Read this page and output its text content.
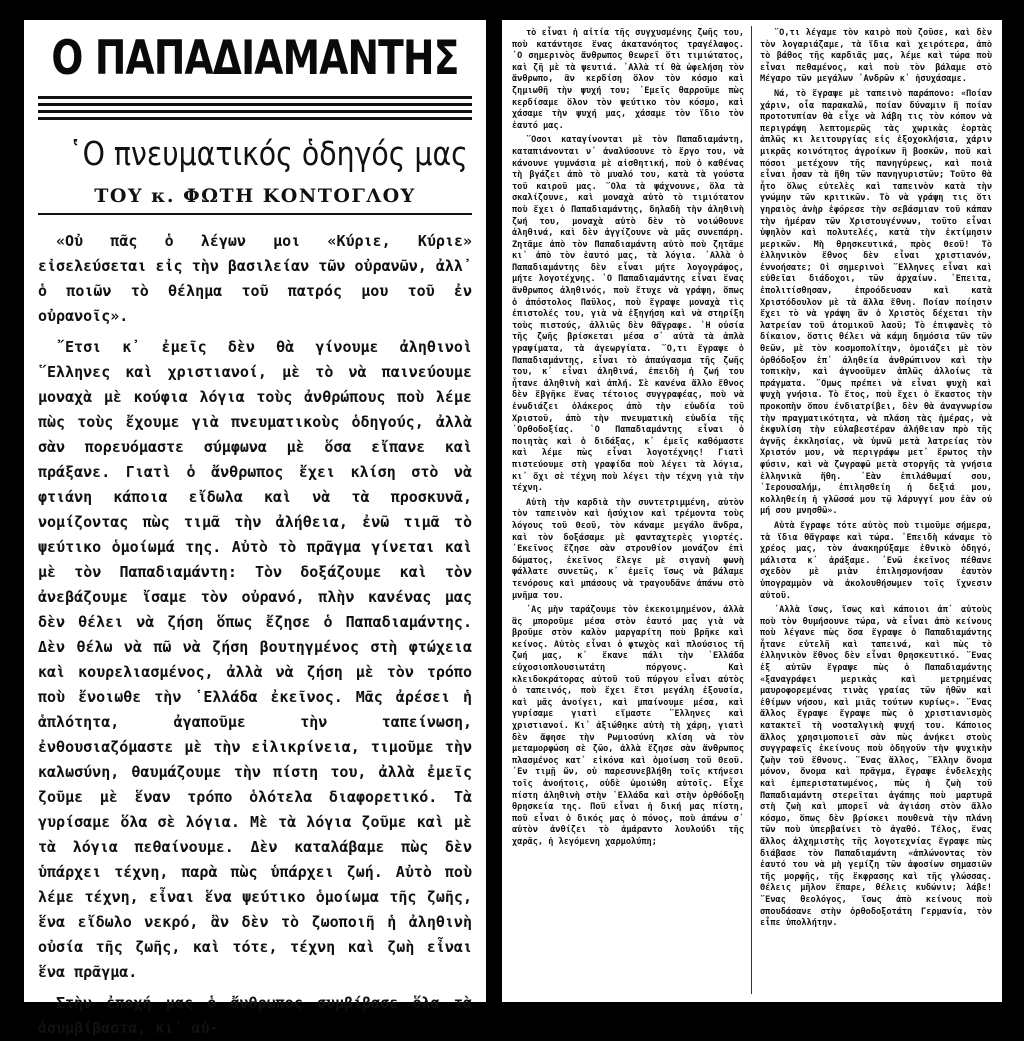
Ο ΠΑΠΑΔΙΑΜΑΝΤΗΣ
῾Ο πνευματικός ὁδηγός μας
ΤΟΥ κ. ΦΩΤΗ ΚΟΝΤΟΓΛΟΥ

«Οὐ πᾶς ὁ λέγων μοι «Κύριε, Κύριε» εἰσελεύσεται εἰς τὴν βασιλείαν τῶν οὐρανῶν, ἀλλ᾽ ὁ ποιῶν τὸ θέλημα τοῦ πατρός μου τοῦ ἐν οὐρανοῖς».

῎Ετσι κ᾽ ἐμεῖς δὲν θὰ γίνουμε ἀληθινοὶ ῞Ελληνες καὶ χριστιανοί, μὲ τὸ νὰ παινεύουμε μοναχὰ μὲ κούφια λόγια τοὺς ἀνθρώπους ποὺ λέμε πὼς τοὺς ἔχουμε γιὰ πνευματικοὺς ὁδηγούς, ἀλλὰ σὰν πορευόμαστε σύμφωνα μὲ ὅσα εἴπανε καὶ πράξανε. Γιατὶ ὁ ἄνθρωπος ἔχει κλίση στὸ νὰ φτιάνη κάποια εἴδωλα καὶ νὰ τὰ προσκυνᾶ, νομίζοντας πὼς τιμᾶ τὴν ἀλήθεια, ἐνῶ τιμᾶ τὸ ψεύτικο ὁμοίωμά της. Αὐτὸ τὸ πρᾶγμα γίνεται καὶ μὲ τὸν Παπαδιαμάντη: Τὸν δοξάζουμε καὶ τὸν ἀνεβάζουμε ἴσαμε τὸν οὐρανό, πλὴν κανένας μας δὲν θέλει νὰ ζήση ὅπως ἔζησε ὁ Παπαδιαμάντης. Δὲν θέλω νὰ πῶ νὰ ζήση βουτηγμένος στὴ φτώχεια καὶ κουρελιασμένος, ἀλλὰ νὰ ζήση μὲ τὸν τρόπο ποὺ ἔνοιωθε τὴν ῾Ελλάδα ἐκεῖνος. Μᾶς ἀρέσει ἡ ἁπλότητα, ἀγαποῦμε τὴν ταπείνωση, ἐνθουσιαζόμαστε μὲ τὴν εἰλικρίνεια, τιμοῦμε τὴν καλωσύνη, θαυμάζουμε τὴν πίστη του, ἀλλὰ ἐμεῖς ζοῦμε μὲ ἕναν τρόπο ὁλότελα διαφορετικό. Τὰ γυρίσαμε ὅλα σὲ λόγια. Μὲ τὰ λόγια ζοῦμε καὶ μὲ τὰ λόγια πεθαίνουμε. Δὲν καταλάβαμε πὼς δὲν ὑπάρχει τέχνη, παρὰ πὼς ὑπάρχει ζωή. Αὐτὸ ποὺ λέμε τέχνη, εἶναι ἕνα ψεύτικο ὁμοίωμα τῆς ζωῆς, ἕνα εἴδωλο νεκρό, ἂν δὲν τὸ ζωοποιῆ ἡ ἀληθινὴ οὐσία τῆς ζωῆς, καὶ τότε, τέχνη καὶ ζωὴ εἶναι ἕνα πρᾶγμα.

Στὴν ἐποχή μας ὁ ἄνθρωπος συμβίβασε ὅλα τὰ ἀσυμβίβαστα, κι᾽ αὐ-

τὸ εἶναι ἡ αἰτία τῆς συγχυσμένης ζωῆς του, ποὺ κατάντησε ἕνας ἀκατανόητος τραγέλαφος. ῾Ο σημερινὸς ἄνθρωπος θεωρεῖ ὅτι τιμιώτατος, καὶ ζῆ μὲ τὰ ψευτιά. ᾽Αλλὰ τί θὰ ὠφελήση τὸν ἄνθρωπο, ἂν κερδίση ὅλον τὸν κόσμο καὶ ζημιωθῆ τὴν ψυχή του; ᾽Εμεῖς θαρροῦμε πὼς κερδίσαμε ὅλον τὸν ψεύτικο τὸν κόσμο, καὶ χάσαμε τὴν ψυχή μας, χάσαμε τὸν ἴδιο τὸν ἑαυτό μας.

῞Οσοι καταγίνονται μὲ τὸν Παπαδιαμάντη, καταπιάνονται ν᾽ ἀναλύσουνε τὸ ἔργο του, νὰ κάνουνε γυμνάσια μὲ αἰσθητική, ποὺ ὁ καθένας τὴ βγάζει ἀπὸ τὸ μυαλό του, κατὰ τὰ γούστα τοῦ καιροῦ μας. ῞Ολα τὰ ψάχνουνε, ὅλα τὰ σκαλίζουνε, καὶ μοναχὰ αὐτὸ τὸ τιμιότατον ποὺ ἔχει ὁ Παπαδιαμάντης, δηλαδὴ τὴν ἀληθινὴ ζωή του, μοναχὰ αὐτὸ δὲν τὸ νοιώθουνε ἀληθινά, καὶ δὲν ἀγγίζουνε νὰ μᾶς συνεπάρη. Ζητᾶμε ἀπὸ τὸν Παπαδιαμάντη αὐτὸ ποὺ ζητᾶμε κι᾽ ἀπὸ τὸν ἑαυτό μας, τὰ λόγια. ᾽Αλλὰ ὁ Παπαδιαμάντης δὲν εἶναι μήτε λογογράφος, μήτε λογοτέχνης. ῾Ο Παπαδιαμάντης εἶναι ἕνας ἄνθρωπος ἀληθινός, ποὺ ἔτυχε νὰ γράψη, ὅπως ὁ ἀπόστολος Παῦλος, ποὺ ἔγραψε μοναχὰ τὶς ἐπιστολές του, γιὰ νὰ ἐξηγήση καὶ νὰ στηρίξη τοὺς πιστούς, ἀλλιῶς δὲν θἄγραφε. ῾Η οὐσία τῆς ζωῆς βρίσκεται μέσα σ᾽ αὐτὰ τὰ ἁπλὰ γραψίματα, τὰ ἀγεωργίατα. ῞Ο,τι ἔγραψε ὁ Παπαδιαμάντης, εἶναι τὸ ἀπαύγασμα τῆς ζωῆς του, κ᾽ εἶναι ἀληθινά, ἐπειδὴ ἡ ζωή του ἦτανε ἀληθινὴ καὶ ἁπλή. Σὲ κανένα ἄλλο ἔθνος δὲν ἔβγῆκε ἕνας τέτοιος συγγραφέας, ποὺ νὰ ἐνωδιάζει ὁλάκερος ἀπὸ τὴν εὐωδία τοῦ Χριστοῦ, ἀπὸ τὴν πνευματικὴ εὐωδία τῆς ᾽Ορθοδοξίας. ῾Ο Παπαδιαμάντης εἶναι ὁ ποιητὰς καὶ ὁ διδάξας, κ᾽ ἐμεῖς καθόμαστε καὶ λέμε πὼς εἶναι λογοτέχνης! Γιατὶ πιστεύουμε στὴ γραφίδα ποὺ λέγει τὰ λόγια, κι᾽ ὄχι σὲ τέχνη ποὺ λέγει τὴν τέχνη γιὰ τὴν τέχνη.

Αὐτὴ τὴν καρδιὰ τὴν συντετριμμένη, αὐτὸν τὸν ταπεινὸν καὶ ἡσύχιον καὶ τρέμοντα τοὺς λόγους τοῦ Θεοῦ, τὸν κάναμε μεγάλο ἄνδρα, καὶ τὸν δοξάσαμε μὲ φανταχτερὲς γιορτές. ᾽Εκεῖνος ἔζησε σὰν στρουθίον μονάζον ἐπὶ δώματος, ἐκεῖνος ἔλεγε μὲ σιγανὴ φωνὴ ψάλλατε συνετῶς, κ᾽ ἐμεῖς ἴσως νὰ βάλαμε τενόρους καὶ μπάσους νὰ τραγουδᾶνε ἀπάνω στὸ μνῆμα του.

᾽Ας μὴν ταράζουμε τὸν ἐκεκοιμημένον, ἀλλὰ ἂς μποροῦμε μέσα στὸν ἑαυτό μας γιὰ νὰ βροῦμε στὸν καλὸν μαργαρίτη ποὺ βρῆκε καὶ κείνος. Αὐτὸς εἶναι ὁ φτωχὸς καὶ πλούσιος τῆ ζωή μας, κ᾽ ἔκανε πάλι τὴν ῾Ελλάδα εὐχοσιοπλουσιωτάτη πόργους. Καὶ κλειδοκράτορας αὐτοῦ τοῦ πύργου εἶναι αὐτὸς ὁ ταπεινός, ποὺ ἔχει ἔτσι μεγάλη ἐξουσία, καὶ μᾶς ἀνοίγει, καὶ μπαίνουμε μέσα, καὶ γυρίσαμε γιατὶ εἴμαστε ῞Ελληνες καὶ χριστιανοί. Κι᾽ ἀξιώθηκε αὐτὴ τὴ χάρη, γιατὶ δὲν ἄφησε τὴν Ρωμιοσύνη κλίση νὰ τὸν μεταμορφώση σὲ ζῶο, ἀλλὰ ἔζησε σὰν ἄνθρωπος πλασμένος κατ᾽ εἰκόνα καὶ ὁμοίωση τοῦ Θεοῦ. ᾽Εν τιμῇ ὤν, οὐ παρεσυνεβλήθη τοῖς κτήνεσι τοῖς ἀνοήτοις, οὐδὲ ὡμοιώθη αὐτοῖς. Εἶχε πίστη ἀληθινὴ στὴν ῾Ελλάδα καὶ στὴν ὀρθόδοξη θρησκεία της. Ποῦ εἶναι ἡ δική μας πίστη, ποῦ εἶναι ὁ δικός μας ὁ πόνος, ποὺ ἀπάνω σ᾽ αὐτὸν ἀνθίζει τὸ ἀμάραντο λουλούδι τῆς χαρᾶς, ἡ λεγόμενη χαρμολύπη;

῞Ο,τι λέγαμε τὸν καιρὸ ποὺ ζοῦσε, καὶ δὲν τὸν λογαριάζαμε, τὰ ἴδια καὶ χειρότερα, ἀπὸ τὸ βάθος τῆς καρδιᾶς μας, λέμε καὶ τώρα ποὺ εἶναι πεθαμένος, καὶ ποὺ τὸν βάλαμε στὸ Μέγαρο τῶν μεγάλων ᾽Ανδρῶν κ᾽ ἡσυχάσαμε.

Νά, τὸ ἔγραψε μὲ ταπεινὸ παράπονο: «Ποίαν χάριν, οἷα παρακαλῶ, ποίαν δύναμιν ἢ ποίαν προτοτυπίαν θὰ εἶχε νὰ λάβη τις τὸν κόπον νὰ περιγράψη λεπτομερῶς τὰς χωρικὰς ἑορτὰς ἁπλῶς κι λειτουργίας εἰς ἐξοχοκλήσια, χάριν μικρᾶς κοινότητος ἀγροίκων ἢ βοσκῶν, ποῦ καὶ πόσοι μετέχουν τῆς πανηγύρεως, καὶ ποιὰ εἶναι ἦσαν τὰ ἤθη τῶν πανηγυριστῶν; Τοῦτο θὰ ἦτο ὅλως εὐτελὲς καὶ ταπεινὸν κατὰ τὴν γνώμην τῶν κριτικῶν. Τὸ νὰ γράψη τις ὅτι γηραιὸς ἀνὴρ ἐφόρεσε τὴν σεβάσμιαν τοῦ κάπαν τὴν ἡμέραν τῶν Χριστουγέννων, τοῦτο εἶναι ὑψηλὸν καὶ πολυτελές, κατὰ τὴν ἐκτίμησιν μερικῶν. Μὴ θρησκευτικά, πρὸς Θεοῦ! Τὸ ἑλληνικὸν ἔθνος δὲν εἶναι χριστιανόν, ἐννοήσατε; Οἱ σημερινοὶ ῞Ελληνες εἶναι καὶ εὐθεῖαι διάδοχοι, τῶν ἀρχαίων. ᾽Επειτα, ἐπολιτίσθησαν, ἐπροόδευσαν καὶ κατὰ Χριστόδουλον μὲ τὰ ἄλλα ἔθνη. Ποίαν ποίησιν ἔχει τὸ νὰ γράψη ἂν ὁ Χριστὸς δέχεται τὴν λατρείαν τοῦ ἀτομικοῦ λαοῦ; Τὸ ἐπιφανὲς τὸ δίκαιον, ὅστις θέλει νὰ κάμη δημόσια τῶν τῶν θεῶν, μὲ τὸν κοσμοπολίτην, ὁμοιάζει μὲ τὸν ὀρθόδοξον ἐπ᾽ ἀληθεία ἀνθρώπινον καὶ τὴν τοπικὴν, καὶ ἀγνοοῦμεν ἁπλῶς ἀλλοίως τὰ πράγματα. ῞Ομως πρέπει νὰ εἶναι ψυχὴ καὶ ψυχὴ γνήσια. Τὸ ἔτος, ποὺ ἔχει ὁ ἕκαστος τὴν προκοπὴν ὅπου ἐνδιατρίβει, δὲν θὰ ἀναγνωρίσω τὴν πραγματικότητα, νὰ πλάση τὰς ἡμέρας, νὰ ἐκφυλίση τὴν εὐλαβεστέραν ἀλήθειαν πρὸ τῆς ἁγνῆς ἐκκλησίας, νὰ ὑμνῶ μετὰ λατρείας τὸν Χριστόν μου, νὰ περιγράφω μετ᾽ ἔρωτος τὴν φύσιν, καὶ νὰ ζωγραφῶ μετὰ στοργῆς τὰ γνήσια ἑλληνικὰ ἤθη. ᾽Εὰν ἐπιλάθωμαί σου, ῾Ιερουσαλήμ, ἐπιλησθείη ἡ δεξιά μου, κολληθείη ἡ γλῶσσά μου τῷ λάρυγγί μου ἐὰν οὐ μή σου μνησθῶ».

Αὐτὰ ἔγραφε τότε αὐτὸς ποὺ τιμοῦμε σήμερα, τὰ ἴδια θἄγραφε καὶ τώρα. ᾽Επειδὴ κάναμε τὸ χρέος μας, τὸν ἀνακηρύξαμε ἐθνικὸ ὁδηγό, μάλιστα κ᾽ ἀράξαμε. ᾽Ενῶ ἐκεῖνος πέθανε σχεδὸν μὲ μιὰν ἐπιλησμονήσαν ἑαυτὸν ὑπογραμμὸν νὰ ἀκολουθήσωμεν τοῖς ἴχνεσιν αὐτοῦ.

᾽Αλλὰ ἴσως, ἴσως καὶ κάποιοι ἀπ᾽ αὐτοὺς ποὺ τὸν θυμήσουνε τώρα, νὰ εἶναι ἀπὸ κείνους ποὺ λέγανε πὼς ὅσα ἔγραψε ὁ Παπαδιαμάντης ἦτανε εὐτελῆ καὶ ταπεινά, καὶ πὼς τὸ ἑλληνικὸν ἔθνος δὲν εἶναι θρησκευτικό. ῞Ενας ἐξ αὐτῶν ἔγραψε πὼς ὁ Παπαδιαμάντης «ξαναγράφει μερικὰς καὶ μετρημένας μαυροφορεμένας τινὰς γραίας τῶν ἠθῶν καὶ ἐθίμων νήσου, καὶ μιᾶς τούτων κυρίως». ῞Ενας ἄλλος ἔγραψε ἔγραψε πὼς ὁ χριστιανισμὸς κατακτεῖ τὴ νοσταλγικὴ ψυχή του. Κάποιος ἄλλος χρησιμοποιεῖ σὰν πὼς ἀνήκει στοὺς συγγραφεῖς ἐκείνους ποὺ ὁδηγοῦν τὴν ψυχικὴν ζωὴν τοῦ ἔθνους. ῞Ενας ἄλλος, ῞Ελλην ὄνομα μόνον, ὄνομα καὶ πρᾶγμα, ἔγραψε ἐνδελεχὴς καὶ ἐμπεριστατωμένος, πὼς ἡ ζωὴ τοῦ Παπαδιαμάντη στερεῖται ἀγάπης ποὺ μαρτυρᾶ στὴ ζωὴ καὶ μπορεῖ νὰ ἀγιάση στὸν ἄλλο κόσμο, ὅπως δὲν βρίσκει πουθενὰ τὴν πλάνη τῶν ποὺ ὑπερβαίνει τὸ ἀγαθό. Τέλος, ἕνας ἄλλος ἀλχημιστὴς τῆς λογοτεχνίας ἔγραψε πὼς διάβασε τὸν Παπαδιαμάντη «ἀπλώνοντας τὸν ἑαυτό του νὰ μὴ γεμίζη τῶν ἀφοσίων σημασιῶν τῆς μορφῆς, τῆς ἔκφρασης καὶ τῆς γλώσσας. Θέλεις μῆλον ἔπαρε, θέλεις κυδώνιν; λάβε! ῞Ενας θεολόγος, ἴσως ἀπὸ κείνους ποὺ σπουδάσανε στὴν ὀρθοδοξοτάτη Γερμανία, τὸν εἶπε ὑπολλήτην.
